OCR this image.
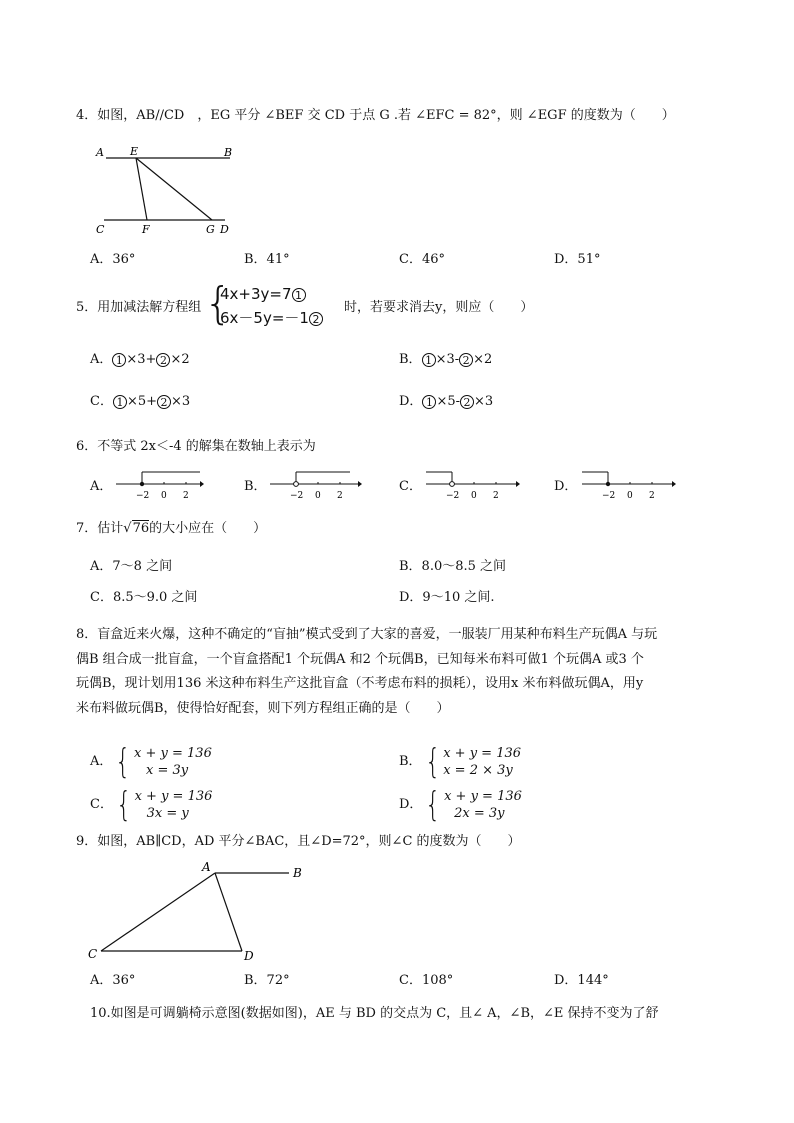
4．如图，AB//CD　，EG 平分 ∠BEF 交 CD 于点 G .若 ∠EFC = 82°，则 ∠EGF 的度数为（　　）
A E	B
C	F	G D
A．36°	B．41°	C．46°	D．51°
5．用加减法解方程组 {
4x+3y=7 1
6x－5y=－1 2
时，若要求消去y，则应（　　）
A． 1 ×3+ 2 ×2	B． 1 ×3- 2 ×2
C． 1 ×5+ 2 ×3	D． 1 ×5- 2 ×3
6．不等式 2x＜-4 的解集在数轴上表示为
A．
−2 0 2
B．
−2 0 2
C．
−2 0 2
D．
−2 0 2
7．估计√76的大小应在（　　）
A．7～8 之间	B．8.0～8.5 之间
C．8.5～9.0 之间	D．9～10 之间.
8．盲盒近来火爆，这种不确定的“盲抽”模式受到了大家的喜爱，一服装厂用某种布料生产玩偶A 与玩
偶B 组合成一批盲盒，一个盲盒搭配1 个玩偶A 和2 个玩偶B，已知每米布料可做1 个玩偶A 或3 个
玩偶B，现计划用136 米这种布料生产这批盲盒（不考虑布料的损耗），设用x 米布料做玩偶A，用y
米布料做玩偶B，使得恰好配套，则下列方程组正确的是（　　）
A．{ x + y = 136
x = 3y
B．{ x + y = 136
x = 2 × 3y
C．{ x + y = 136
3x = y
D．{ x + y = 136
2x = 3y
9．如图，AB∥CD，AD 平分∠BAC，且∠D=72°，则∠C 的度数为（　　）
A	B
C	D
A．36°	B．72°	C．108°	D．144°
10.如图是可调躺椅示意图(数据如图)，AE 与 BD 的交点为 C，且∠ A，∠B，∠E 保持不变为了舒
